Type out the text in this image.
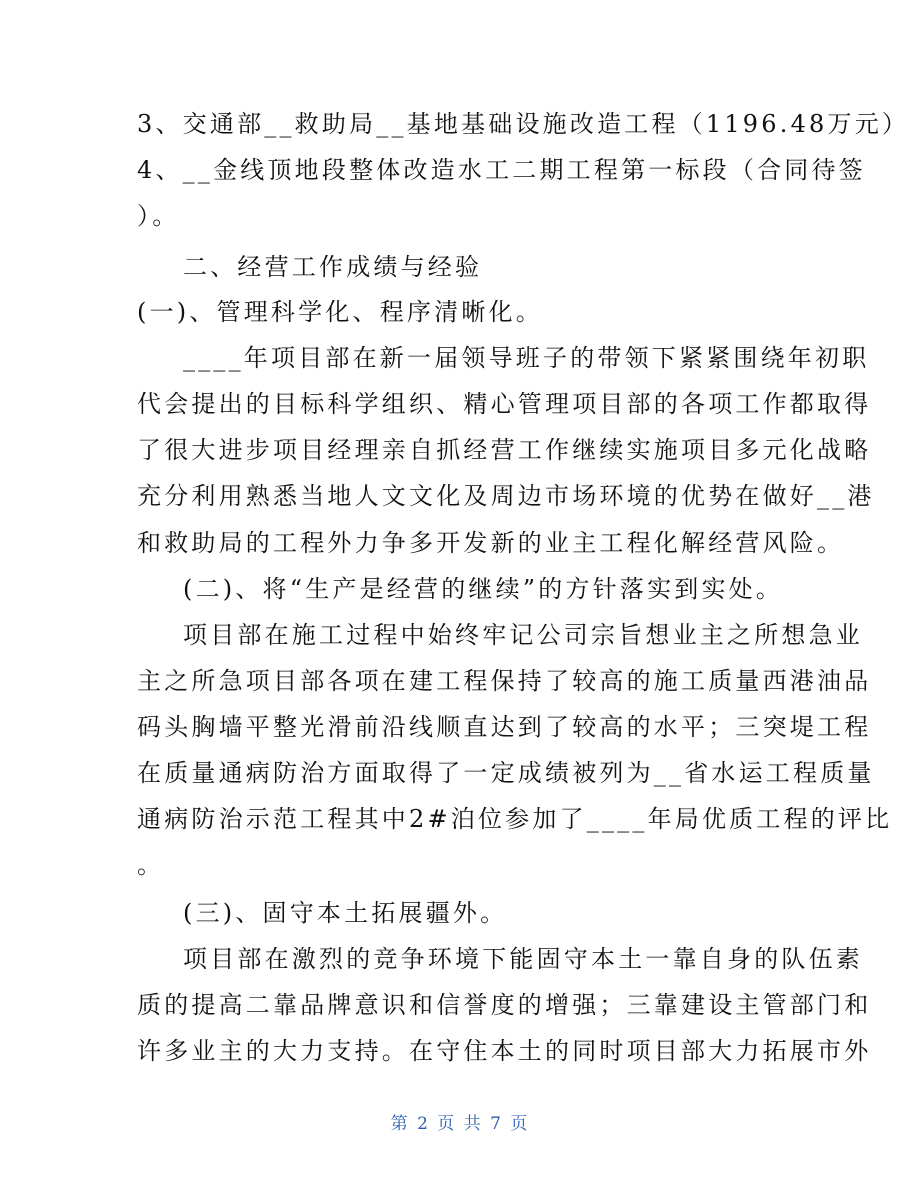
3、交通部__救助局__基地基础设施改造工程（1196.48万元）
4、__金线顶地段整体改造水工二期工程第一标段（合同待签
）。
二、经营工作成绩与经验
(一)、管理科学化、程序清晰化。
____年项目部在新一届领导班子的带领下紧紧围绕年初职
代会提出的目标科学组织、精心管理项目部的各项工作都取得
了很大进步项目经理亲自抓经营工作继续实施项目多元化战略
充分利用熟悉当地人文文化及周边市场环境的优势在做好__港
和救助局的工程外力争多开发新的业主工程化解经营风险。
(二)、将“生产是经营的继续”的方针落实到实处。
项目部在施工过程中始终牢记公司宗旨想业主之所想急业
主之所急项目部各项在建工程保持了较高的施工质量西港油品
码头胸墙平整光滑前沿线顺直达到了较高的水平；三突堤工程
在质量通病防治方面取得了一定成绩被列为__省水运工程质量
通病防治示范工程其中2#泊位参加了____年局优质工程的评比
。
(三)、固守本土拓展疆外。
项目部在激烈的竞争环境下能固守本土一靠自身的队伍素
质的提高二靠品牌意识和信誉度的增强；三靠建设主管部门和
许多业主的大力支持。在守住本土的同时项目部大力拓展市外
第 2 页 共 7 页
